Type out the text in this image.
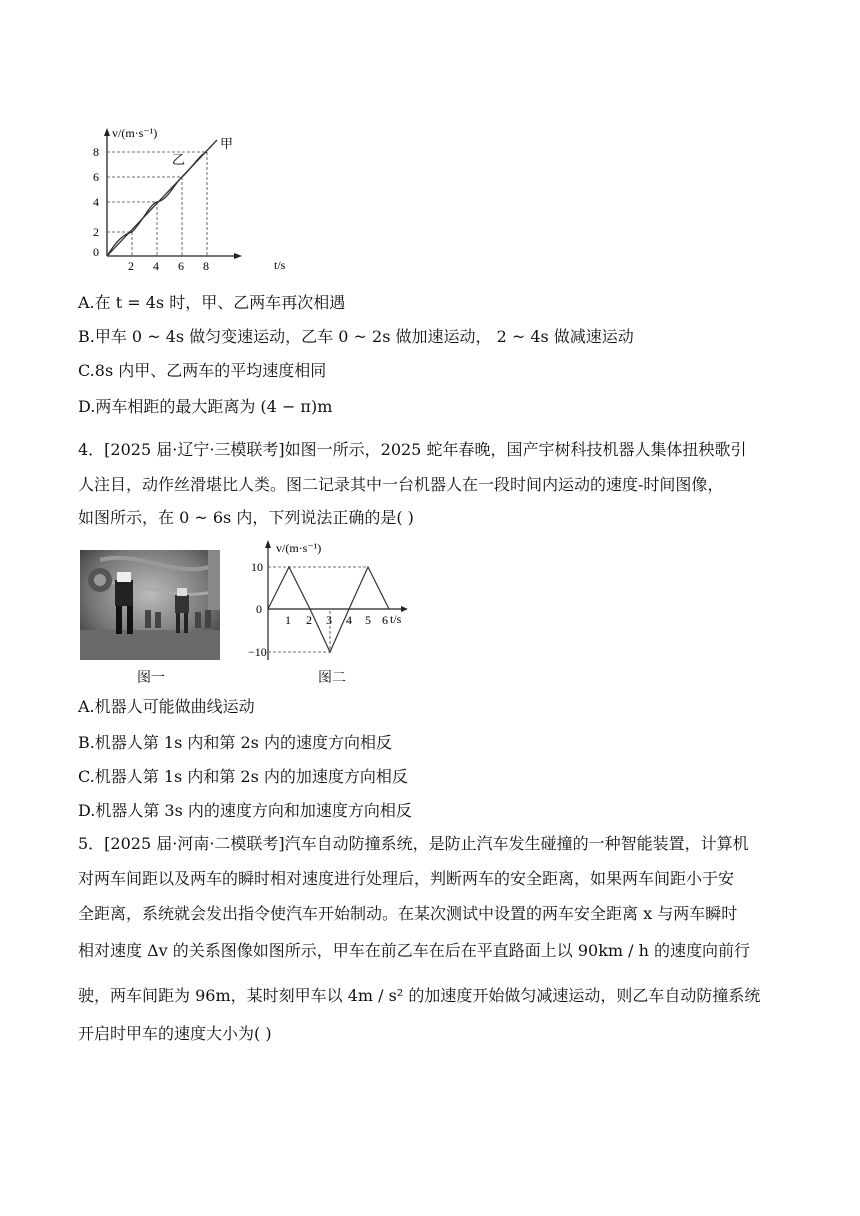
v/(m·s⁻¹)
t/s
0
2
4
6
8
2 4 6 8
甲
乙
A.在 t = 4s 时，甲、乙两车再次相遇
B.甲车 0 ~ 4s 做匀变速运动，乙车 0 ~ 2s 做加速运动， 2 ~ 4s 做减速运动
C.8s 内甲、乙两车的平均速度相同
D.两车相距的最大距离为 (4 − π)m
4．[2025 届·辽宁·三模联考]如图一所示，2025 蛇年春晚，国产宇树科技机器人集体扭秧歌引
人注目，动作丝滑堪比人类。图二记录其中一台机器人在一段时间内运动的速度-时间图像，
如图所示，在 0 ~ 6s 内，下列说法正确的是( )
图一
v/(m·s⁻¹)
t/s
10
0
−10
1 2 3 4 5 6
图二
A.机器人可能做曲线运动
B.机器人第 1s 内和第 2s 内的速度方向相反
C.机器人第 1s 内和第 2s 内的加速度方向相反
D.机器人第 3s 内的速度方向和加速度方向相反
5．[2025 届·河南·二模联考]汽车自动防撞系统，是防止汽车发生碰撞的一种智能装置，计算机
对两车间距以及两车的瞬时相对速度进行处理后，判断两车的安全距离，如果两车间距小于安
全距离，系统就会发出指令使汽车开始制动。在某次测试中设置的两车安全距离 x 与两车瞬时
相对速度 Δv 的关系图像如图所示，甲车在前乙车在后在平直路面上以 90km / h 的速度向前行
驶，两车间距为 96m，某时刻甲车以 4m / s² 的加速度开始做匀减速运动，则乙车自动防撞系统
开启时甲车的速度大小为( )
